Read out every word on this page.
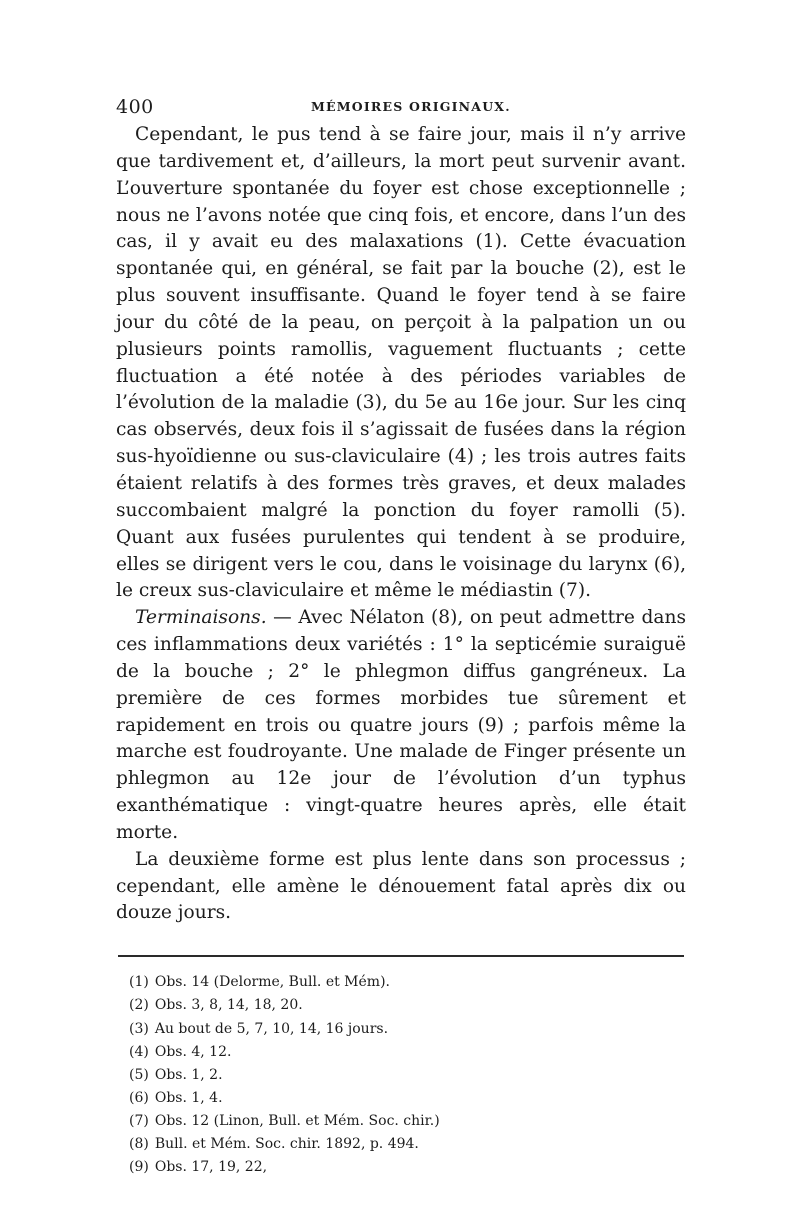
400	MÉMOIRES ORIGINAUX.

Cependant, le pus tend à se faire jour, mais il n’y arrive que tardivement et, d’ailleurs, la mort peut survenir avant. L’ouverture spontanée du foyer est chose exceptionnelle ; nous ne l’avons notée que cinq fois, et encore, dans l’un des cas, il y avait eu des malaxations (1). Cette évacuation spontanée qui, en général, se fait par la bouche (2), est le plus souvent insuffisante. Quand le foyer tend à se faire jour du côté de la peau, on perçoit à la palpation un ou plusieurs points ramollis, vaguement fluctuants ; cette fluctuation a été notée à des périodes variables de l’évolution de la maladie (3), du 5e au 16e jour. Sur les cinq cas observés, deux fois il s’agissait de fusées dans la région sus-hyoïdienne ou sus-claviculaire (4) ; les trois autres faits étaient relatifs à des formes très graves, et deux malades succombaient malgré la ponction du foyer ramolli (5). Quant aux fusées purulentes qui tendent à se produire, elles se dirigent vers le cou, dans le voisinage du larynx (6), le creux sus-claviculaire et même le médiastin (7).

Terminaisons. — Avec Nélaton (8), on peut admettre dans ces inflammations deux variétés : 1° la septicémie suraiguë de la bouche ; 2° le phlegmon diffus gangréneux. La première de ces formes morbides tue sûrement et rapidement en trois ou quatre jours (9) ; parfois même la marche est foudroyante. Une malade de Finger présente un phlegmon au 12e jour de l’évolution d’un typhus exanthématique : vingt-quatre heures après, elle était morte.

La deuxième forme est plus lente dans son processus ; cependant, elle amène le dénouement fatal après dix ou douze jours.

(1) Obs. 14 (Delorme, Bull. et Mém).
(2) Obs. 3, 8, 14, 18, 20.
(3) Au bout de 5, 7, 10, 14, 16 jours.
(4) Obs. 4, 12.
(5) Obs. 1, 2.
(6) Obs. 1, 4.
(7) Obs. 12 (Linon, Bull. et Mém. Soc. chir.)
(8) Bull. et Mém. Soc. chir. 1892, p. 494.
(9) Obs. 17, 19, 22,
